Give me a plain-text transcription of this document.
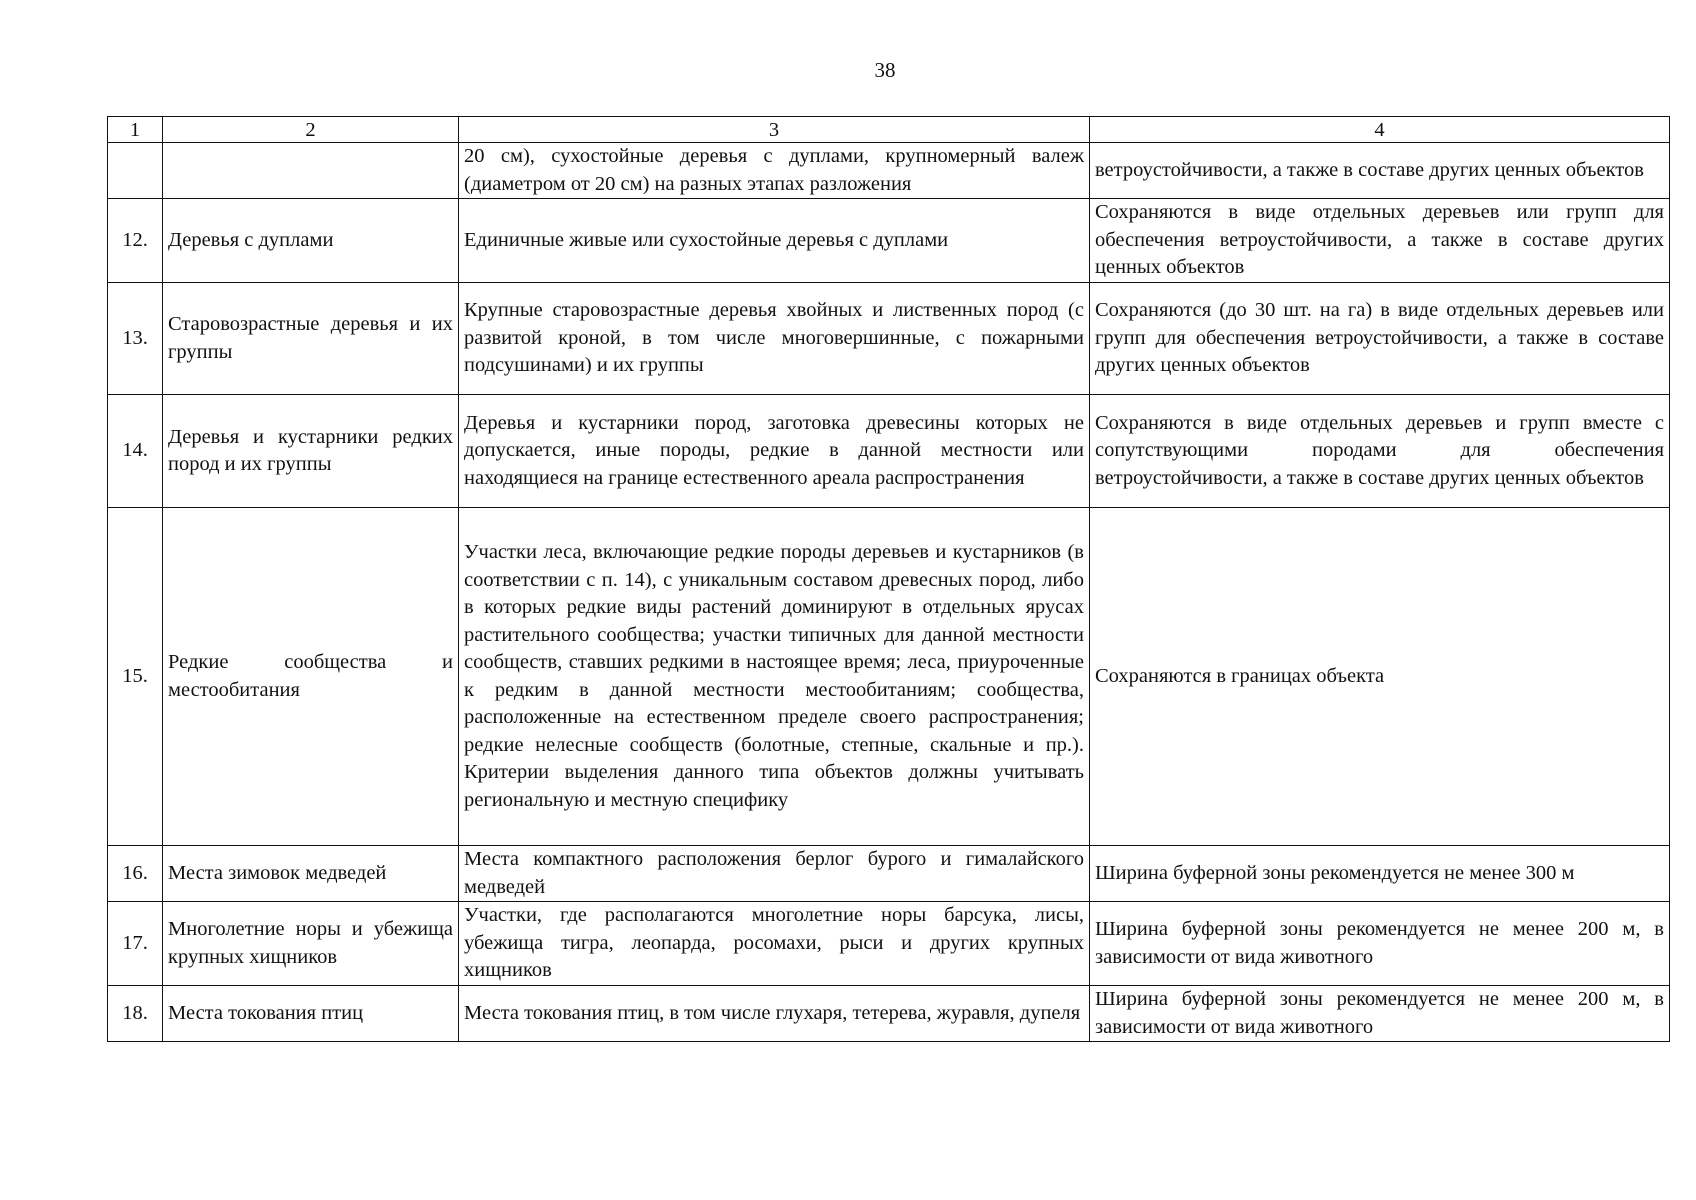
38
1	2	3	4
		20 см), сухостойные деревья с дуплами, крупномерный валеж (диаметром от 20 см) на разных этапах разложения	ветроустойчивости, а также в составе других ценных объектов
12.	Деревья с дуплами	Единичные живые или сухостойные деревья с дуплами	Сохраняются в виде отдельных деревьев или групп для обеспечения ветроустойчивости, а также в составе других ценных объектов
13.	Старовозрастные деревья и их группы	Крупные старовозрастные деревья хвойных и лиственных пород (с развитой кроной, в том числе многовершинные, с пожарными подсушинами) и их группы	Сохраняются (до 30 шт. на га) в виде отдельных деревьев или групп для обеспечения ветроустойчивости, а также в составе других ценных объектов
14.	Деревья и кустарники редких пород и их группы	Деревья и кустарники пород, заготовка древесины которых не допускается, иные породы, редкие в данной местности или находящиеся на границе естественного ареала распространения	Сохраняются в виде отдельных деревьев и групп вместе с сопутствующими породами для обеспечения ветроустойчивости, а также в составе других ценных объектов
15.	Редкие сообщества и местообитания	Участки леса, включающие редкие породы деревьев и кустарников (в соответствии с п. 14), с уникальным составом древесных пород, либо в которых редкие виды растений доминируют в отдельных ярусах растительного сообщества; участки типичных для данной местности сообществ, ставших редкими в настоящее время; леса, приуроченные к редким в данной местности местообитаниям; сообщества, расположенные на естественном пределе своего распространения; редкие нелесные сообществ (болотные, степные, скальные и пр.). Критерии выделения данного типа объектов должны учитывать региональную и местную специфику	Сохраняются в границах объекта
16.	Места зимовок медведей	Места компактного расположения берлог бурого и гималайского медведей	Ширина буферной зоны рекомендуется не менее 300 м
17.	Многолетние норы и убежища крупных хищников	Участки, где располагаются многолетние норы барсука, лисы, убежища тигра, леопарда, росомахи, рыси и других крупных хищников	Ширина буферной зоны рекомендуется не менее 200 м, в зависимости от вида животного
18.	Места токования птиц	Места токования птиц, в том числе глухаря, тетерева, журавля, дупеля	Ширина буферной зоны рекомендуется не менее 200 м, в зависимости от вида животного
